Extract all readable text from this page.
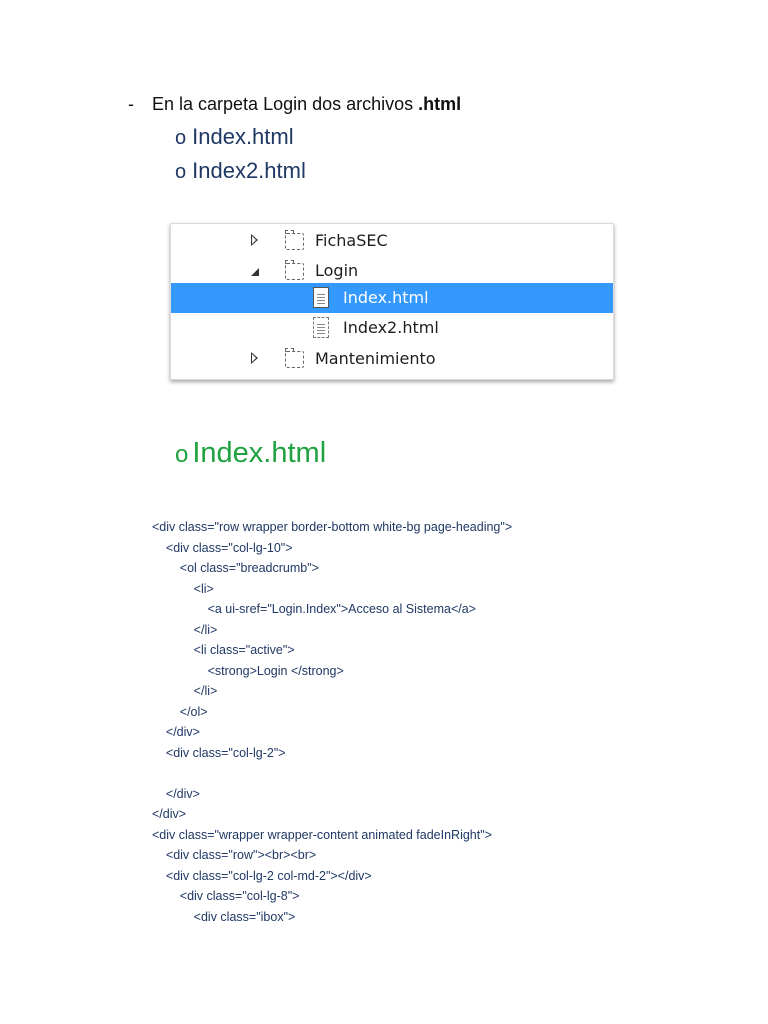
- En la carpeta Login dos archivos .html
o Index.html
o Index2.html
FichaSEC
Login
Index.html
Index2.html
Mantenimiento
o Index.html
<div class="row wrapper border-bottom white-bg page-heading">
<div class="col-lg-10">
<ol class="breadcrumb">
<li>
<a ui-sref="Login.Index">Acceso al Sistema</a>
</li>
<li class="active">
<strong>Login </strong>
</li>
</ol>
</div>
<div class="col-lg-2">
</div>
</div>
<div class="wrapper wrapper-content animated fadeInRight">
<div class="row"><br><br>
<div class="col-lg-2 col-md-2"></div>
<div class="col-lg-8">
<div class="ibox">
